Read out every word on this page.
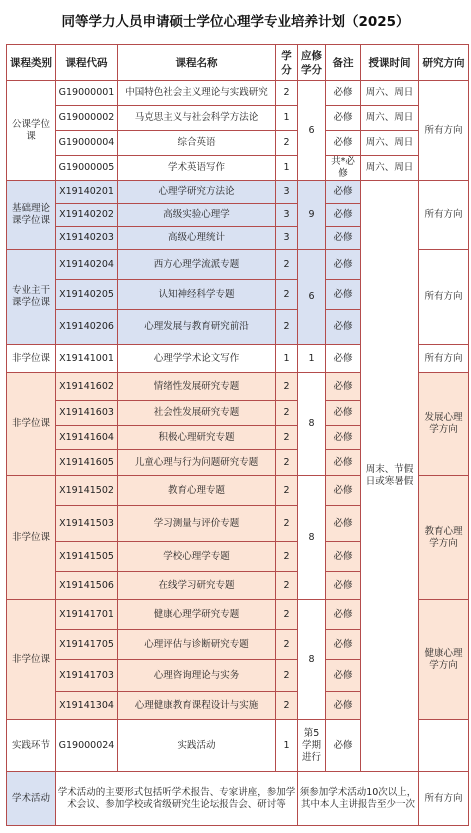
同等学力人员申请硕士学位心理学专业培养计划（2025）
课程类别	课程代码	课程名称	学分	应修学分	备注	授课时间	研究方向	
公课学位课	G19000001	中国特色社会主义理论与实践研究	2	6	必修	周六、周日	所有方向	
	G19000002	马克思主义与社会科学方法论	1		必修	周六、周日		
	G19000004	综合英语	2		必修	周六、周日		
	G19000005	学术英语写作	1		共*必修	周六、周日		
基础理论课学位课	X19140201	心理学研究方法论	3	9	必修	周末、节假日或寒暑假	所有方向	
	X19140202	高级实验心理学	3		必修			
	X19140203	高级心理统计	3		必修			
专业主干课学位课	X19140204	西方心理学流派专题	2	6	必修		所有方向	
	X19140205	认知神经科学专题	2		必修			
	X19140206	心理发展与教育研究前沿	2		必修			
非学位课	X19141001	心理学学术论文写作	1	1	必修		所有方向	
非学位课	X19141602	情绪性发展研究专题	2	8	必修		发展心理学方向	
	X19141603	社会性发展研究专题	2		必修			
	X19141604	积极心理研究专题	2		必修			
	X19141605	儿童心理与行为问题研究专题	2		必修			
非学位课	X19141502	教育心理专题	2	8	必修		教育心理学方向	
	X19141503	学习测量与评价专题	2		必修			
	X19141505	学校心理学专题	2		必修			
	X19141506	在线学习研究专题	2		必修			
非学位课	X19141701	健康心理学研究专题	2	8	必修		健康心理学方向	
	X19141705	心理评估与诊断研究专题	2		必修			
	X19141703	心理咨询理论与实务	2		必修			
	X19141304	心理健康教育课程设计与实施	2		必修			
实践环节	G19000024	实践活动	1	第5学期进行	必修		
学术活动	学术活动的主要形式包括听学术报告、专家讲座，参加学术会议、参加学校或省级研究生论坛报告会、研讨等			须参加学术活动10次以上，其中本人主讲报告至少一次			所有方向	
